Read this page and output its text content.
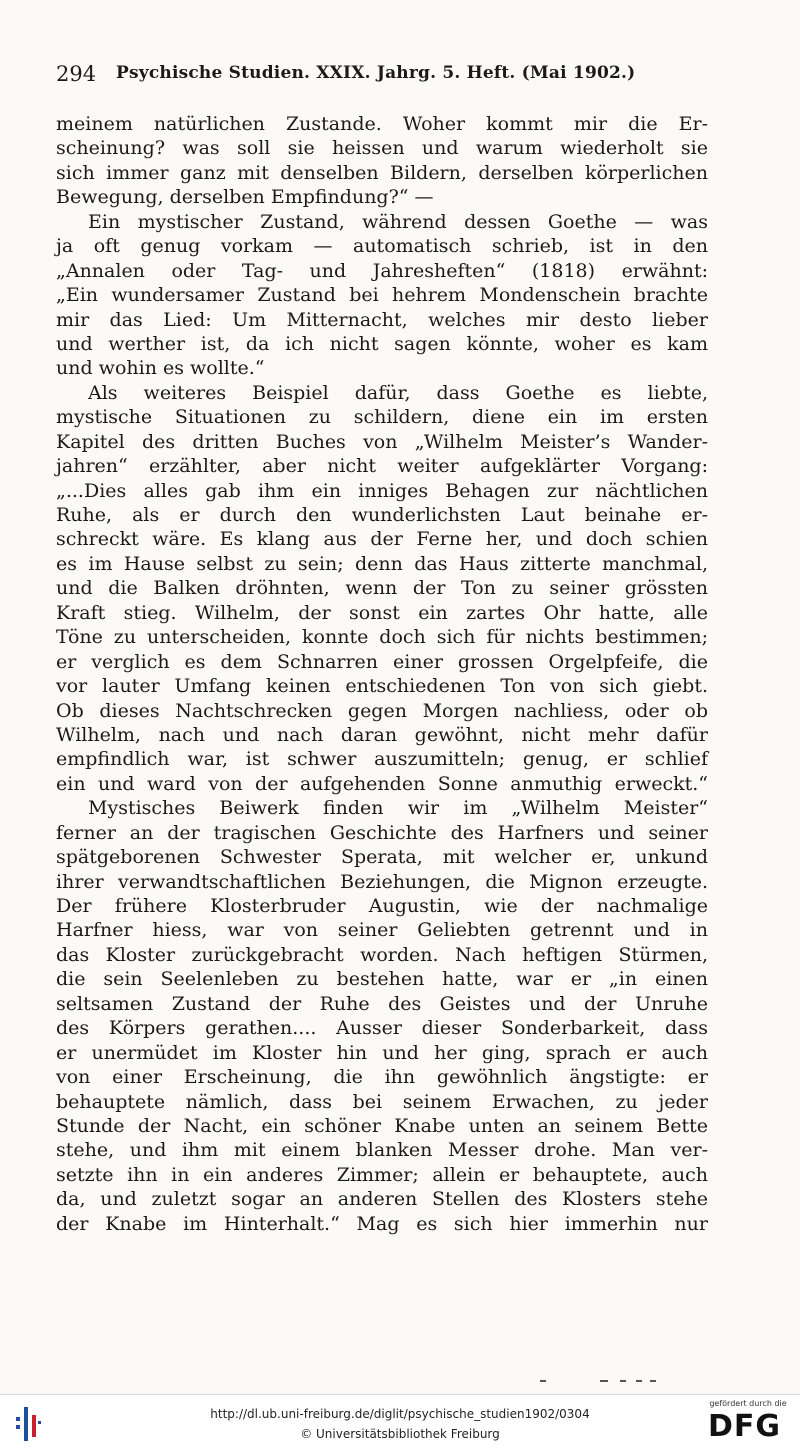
294 Psychische Studien. XXIX. Jahrg. 5. Heft. (Mai 1902.)
meinem natürlichen Zustande. Woher kommt mir die Er-
scheinung? was soll sie heissen und warum wiederholt sie
sich immer ganz mit denselben Bildern, derselben körperlichen
Bewegung, derselben Empfindung?“ —
Ein mystischer Zustand, während dessen Goethe — was
ja oft genug vorkam — automatisch schrieb, ist in den
„Annalen oder Tag- und Jahresheften“ (1818) erwähnt:
„Ein wundersamer Zustand bei hehrem Mondenschein brachte
mir das Lied: Um Mitternacht, welches mir desto lieber
und werther ist, da ich nicht sagen könnte, woher es kam
und wohin es wollte.“
Als weiteres Beispiel dafür, dass Goethe es liebte,
mystische Situationen zu schildern, diene ein im ersten
Kapitel des dritten Buches von „Wilhelm Meister’s Wander-
jahren“ erzählter, aber nicht weiter aufgeklärter Vorgang:
„...Dies alles gab ihm ein inniges Behagen zur nächtlichen
Ruhe, als er durch den wunderlichsten Laut beinahe er-
schreckt wäre. Es klang aus der Ferne her, und doch schien
es im Hause selbst zu sein; denn das Haus zitterte manchmal,
und die Balken dröhnten, wenn der Ton zu seiner grössten
Kraft stieg. Wilhelm, der sonst ein zartes Ohr hatte, alle
Töne zu unterscheiden, konnte doch sich für nichts bestimmen;
er verglich es dem Schnarren einer grossen Orgelpfeife, die
vor lauter Umfang keinen entschiedenen Ton von sich giebt.
Ob dieses Nachtschrecken gegen Morgen nachliess, oder ob
Wilhelm, nach und nach daran gewöhnt, nicht mehr dafür
empfindlich war, ist schwer auszumitteln; genug, er schlief
ein und ward von der aufgehenden Sonne anmuthig erweckt.“
Mystisches Beiwerk finden wir im „Wilhelm Meister“
ferner an der tragischen Geschichte des Harfners und seiner
spätgeborenen Schwester Sperata, mit welcher er, unkund
ihrer verwandtschaftlichen Beziehungen, die Mignon erzeugte.
Der frühere Klosterbruder Augustin, wie der nachmalige
Harfner hiess, war von seiner Geliebten getrennt und in
das Kloster zurückgebracht worden. Nach heftigen Stürmen,
die sein Seelenleben zu bestehen hatte, war er „in einen
seltsamen Zustand der Ruhe des Geistes und der Unruhe
des Körpers gerathen.... Ausser dieser Sonderbarkeit, dass
er unermüdet im Kloster hin und her ging, sprach er auch
von einer Erscheinung, die ihn gewöhnlich ängstigte: er
behauptete nämlich, dass bei seinem Erwachen, zu jeder
Stunde der Nacht, ein schöner Knabe unten an seinem Bette
stehe, und ihm mit einem blanken Messer drohe. Man ver-
setzte ihn in ein anderes Zimmer; allein er behauptete, auch
da, und zuletzt sogar an anderen Stellen des Klosters stehe
der Knabe im Hinterhalt.“ Mag es sich hier immerhin nur
http://dl.ub.uni-freiburg.de/diglit/psychische_studien1902/0304
© Universitätsbibliothek Freiburg
gefördert durch die
DFG
